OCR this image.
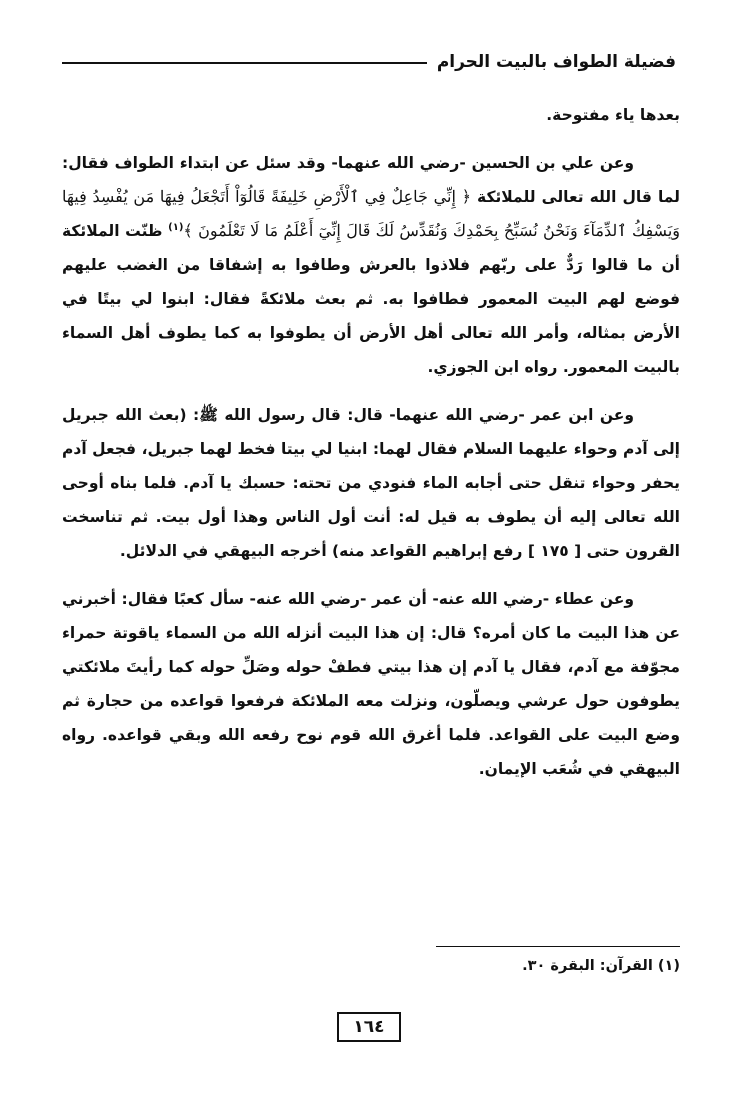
فضيلة الطواف بالبيت الحرام

بعدها ياء مفتوحة.

وعن علي بن الحسين -رضي الله عنهما- وقد سئل عن ابتداء الطواف فقال: لما قال الله تعالى للملائكة ﴿ إِنِّي جَاعِلٌ فِي ٱلْأَرْضِ خَلِيفَةً قَالُوٓاْ أَتَجْعَلُ فِيهَا مَن يُفْسِدُ فِيهَا وَيَسْفِكُ ٱلدِّمَآءَ وَنَحْنُ نُسَبِّحُ بِحَمْدِكَ وَنُقَدِّسُ لَكَ قَالَ إِنِّيٓ أَعْلَمُ مَا لَا تَعْلَمُونَ ﴾$^{(١)}$ ظنّت الملائكة أن ما قالوا رَدٌّ على ربّهم فلاذوا بالعرش وطافوا به إشفاقا من الغضب عليهم فوضع لهم البيت المعمور فطافوا به. ثم بعث ملائكةً فقال: ابنوا لي بيتًا في الأرض بمثاله، وأمر الله تعالى أهل الأرض أن يطوفوا به كما يطوف أهل السماء بالبيت المعمور. رواه ابن الجوزي.

وعن ابن عمر -رضي الله عنهما- قال: قال رسول الله ﷺ: (بعث الله جبريل إلى آدم وحواء عليهما السلام فقال لهما: ابنيا لي بيتا فخط لهما جبريل، فجعل آدم يحفر وحواء تنقل حتى أجابه الماء فنودي من تحته: حسبك يا آدم. فلما بناه أوحى الله تعالى إليه أن يطوف به قيل له: أنت أول الناس وهذا أول بيت. ثم تناسخت القرون حتى [ ١٧٥ ] رفع إبراهيم القواعد منه) أخرجه البيهقي في الدلائل.

وعن عطاء -رضي الله عنه- أن عمر -رضي الله عنه- سأل كعبًا فقال: أخبرني عن هذا البيت ما كان أمره؟ قال: إن هذا البيت أنزله الله من السماء ياقوتة حمراء مجوّفة مع آدم، فقال يا آدم إن هذا بيتي فطفْ حوله وصَلِّ حوله كما رأيتَ ملائكتي يطوفون حول عرشي ويصلّون، ونزلت معه الملائكة فرفعوا قواعده من حجارة ثم وضع البيت على القواعد. فلما أغرق الله قوم نوح رفعه الله وبقي قواعده. رواه البيهقي في شُعَب الإيمان.

(١) القرآن: البقرة ٣٠.
١٦٤
